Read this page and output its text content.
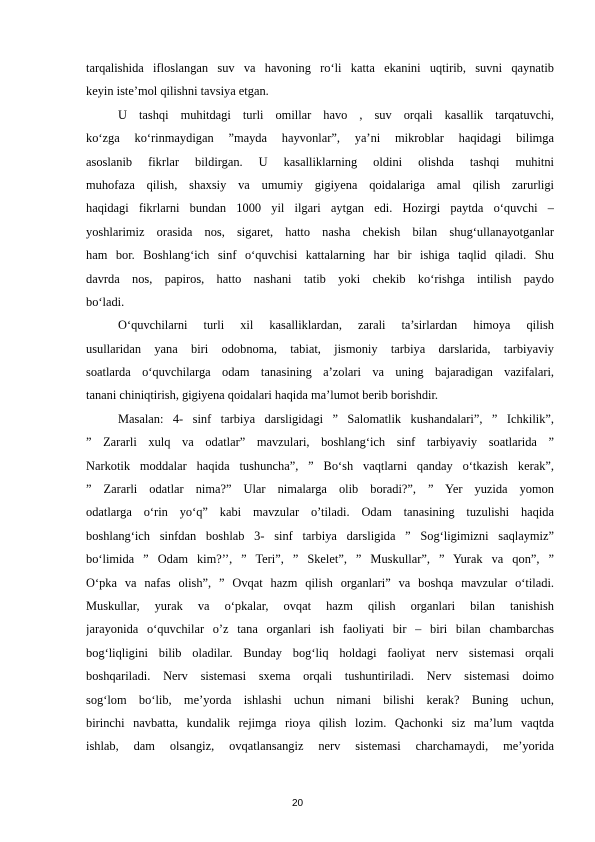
tarqalishida ifloslangan suv va havoning ro‘li katta ekanini uqtirib, suvni qaynatib
keyin iste’mol qilishni tavsiya etgan.
U tashqi muhitdagi turli omillar havo , suv orqali kasallik tarqatuvchi,
ko‘zga ko‘rinmaydigan ”mayda hayvonlar”, ya’ni mikroblar haqidagi bilimga
asoslanib fikrlar bildirgan. U kasalliklarning oldini olishda tashqi muhitni
muhofaza qilish, shaxsiy va umumiy gigiyena qoidalariga amal qilish zarurligi
haqidagi fikrlarni bundan 1000 yil ilgari aytgan edi. Hozirgi paytda o‘quvchi –
yoshlarimiz orasida nos, sigaret, hatto nasha chekish bilan shug‘ullanayotganlar
ham bor. Boshlang‘ich sinf o‘quvchisi kattalarning har bir ishiga taqlid qiladi. Shu
davrda nos, papiros, hatto nashani tatib yoki chekib ko‘rishga intilish paydo
bo‘ladi.
O‘quvchilarni turli xil kasalliklardan, zarali ta’sirlardan himoya qilish
usullaridan yana biri odobnoma, tabiat, jismoniy tarbiya darslarida, tarbiyaviy
soatlarda o‘quvchilarga odam tanasining a’zolari va uning bajaradigan vazifalari,
tanani chiniqtirish, gigiyena qoidalari haqida ma’lumot berib borishdir.
Masalan: 4- sinf tarbiya darsligidagi ” Salomatlik kushandalari”, ” Ichkilik”,
” Zararli xulq va odatlar” mavzulari, boshlang‘ich sinf tarbiyaviy soatlarida ”
Narkotik moddalar haqida tushuncha”, ” Bo‘sh vaqtlarni qanday o‘tkazish kerak”,
” Zararli odatlar nima?” Ular nimalarga olib boradi?”, ” Yer yuzida yomon
odatlarga o‘rin yo‘q” kabi mavzular o’tiladi. Odam tanasining tuzulishi haqida
boshlang‘ich sinfdan boshlab 3- sinf tarbiya darsligida ” Sog‘ligimizni saqlaymiz”
bo‘limida ” Odam kim?’’, ” Teri”, ” Skelet”, ” Muskullar”, ” Yurak va qon”, ”
O‘pka va nafas olish”, ” Ovqat hazm qilish organlari” va boshqa mavzular o‘tiladi.
Muskullar, yurak va o‘pkalar, ovqat hazm qilish organlari bilan tanishish
jarayonida o‘quvchilar o’z tana organlari ish faoliyati bir – biri bilan chambarchas
bog‘liqligini bilib oladilar. Bunday bog‘liq holdagi faoliyat nerv sistemasi orqali
boshqariladi. Nerv sistemasi sxema orqali tushuntiriladi. Nerv sistemasi doimo
sog‘lom bo‘lib, me’yorda ishlashi uchun nimani bilishi kerak? Buning uchun,
birinchi navbatta, kundalik rejimga rioya qilish lozim. Qachonki siz ma’lum vaqtda
ishlab, dam olsangiz, ovqatlansangiz nerv sistemasi charchamaydi, me’yorida
20
